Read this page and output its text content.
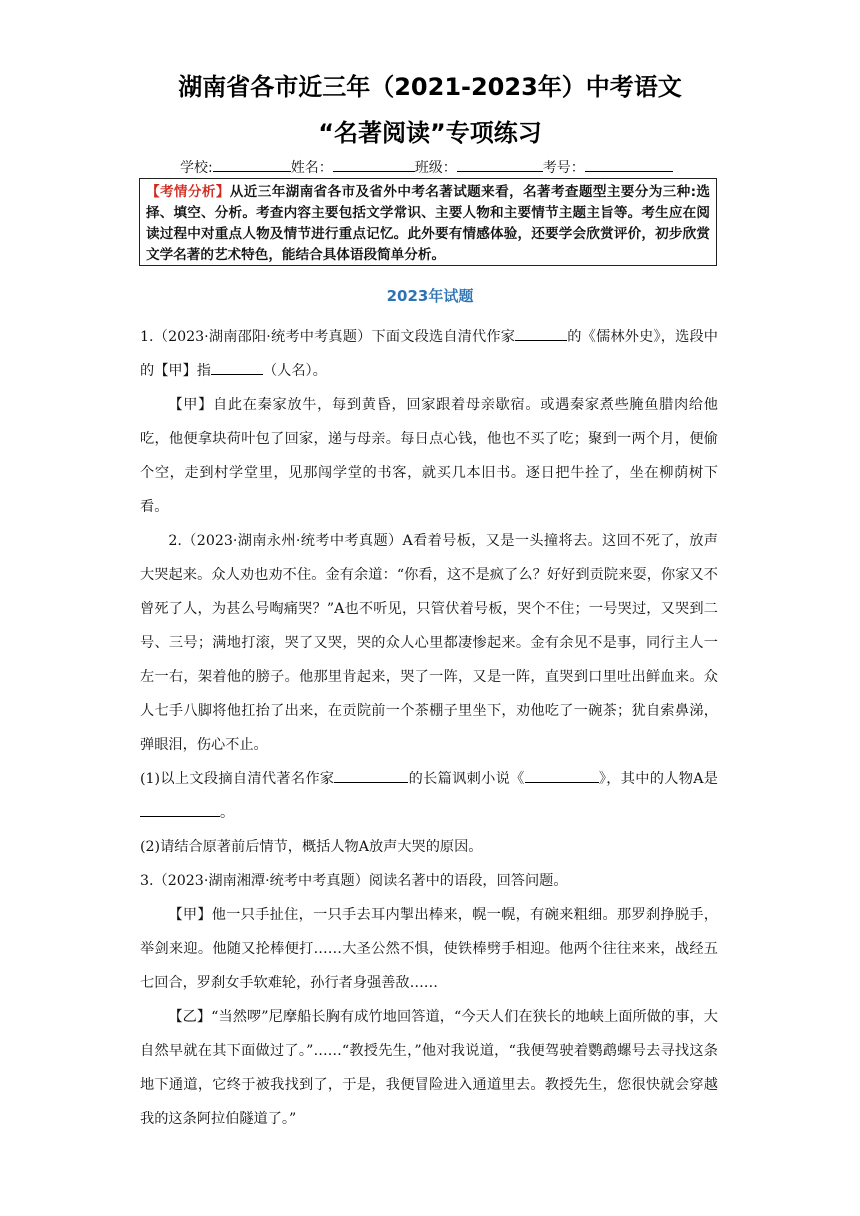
湖南省各市近三年（2021-2023年）中考语文
“名著阅读”专项练习
学校:	姓名：	班级：	考号：
【考情分析】从近三年湖南省各市及省外中考名著试题来看，名著考查题型主要分为三种:选择、填空、分析。考查内容主要包括文学常识、主要人物和主要情节主题主旨等。考生应在阅读过程中对重点人物及情节进行重点记忆。此外要有情感体验，还要学会欣赏评价，初步欣赏文学名著的艺术特色，能结合具体语段简单分析。
2023年试题

1.（2023·湖南邵阳·统考中考真题）下面文段选自清代作家	的《儒林外史》，选段中的【甲】指	（人名）。

【甲】自此在秦家放牛，每到黄昏，回家跟着母亲歇宿。或遇秦家煮些腌鱼腊肉给他吃，他便拿块荷叶包了回家，递与母亲。每日点心钱，他也不买了吃；聚到一两个月，便偷个空，走到村学堂里，见那闯学堂的书客，就买几本旧书。逐日把牛拴了，坐在柳荫树下看。

2.（2023·湖南永州·统考中考真题）A看着号板，又是一头撞将去。这回不死了，放声大哭起来。众人劝也劝不住。金有余道：“你看，这不是疯了么？好好到贡院来耍，你家又不曾死了人，为甚么号啕痛哭？”A也不听见，只管伏着号板，哭个不住；一号哭过，又哭到二号、三号；满地打滚，哭了又哭，哭的众人心里都凄惨起来。金有余见不是事，同行主人一左一右，架着他的膀子。他那里肯起来，哭了一阵，又是一阵，直哭到口里吐出鲜血来。众人七手八脚将他扛抬了出来，在贡院前一个茶棚子里坐下，劝他吃了一碗茶；犹自索鼻涕，弹眼泪，伤心不止。

(1)以上文段摘自清代著名作家	的长篇讽刺小说《	》，其中的人物A是。

(2)请结合原著前后情节，概括人物A放声大哭的原因。

3.（2023·湖南湘潭·统考中考真题）阅读名著中的语段，回答问题。

【甲】他一只手扯住，一只手去耳内掣出棒来，幌一幌，有碗来粗细。那罗刹挣脱手，举剑来迎。他随又抡棒便打……大圣公然不惧，使铁棒劈手相迎。他两个往往来来，战经五七回合，罗刹女手软难轮，孙行者身强善敌……

【乙】“当然啰”尼摩船长胸有成竹地回答道，“今天人们在狭长的地峡上面所做的事，大自然早就在其下面做过了。”……“教授先生，”他对我说道，“我便驾驶着鹦鹉螺号去寻找这条地下通道，它终于被我找到了，于是，我便冒险进入通道里去。教授先生，您很快就会穿越我的这条阿拉伯隧道了。”
